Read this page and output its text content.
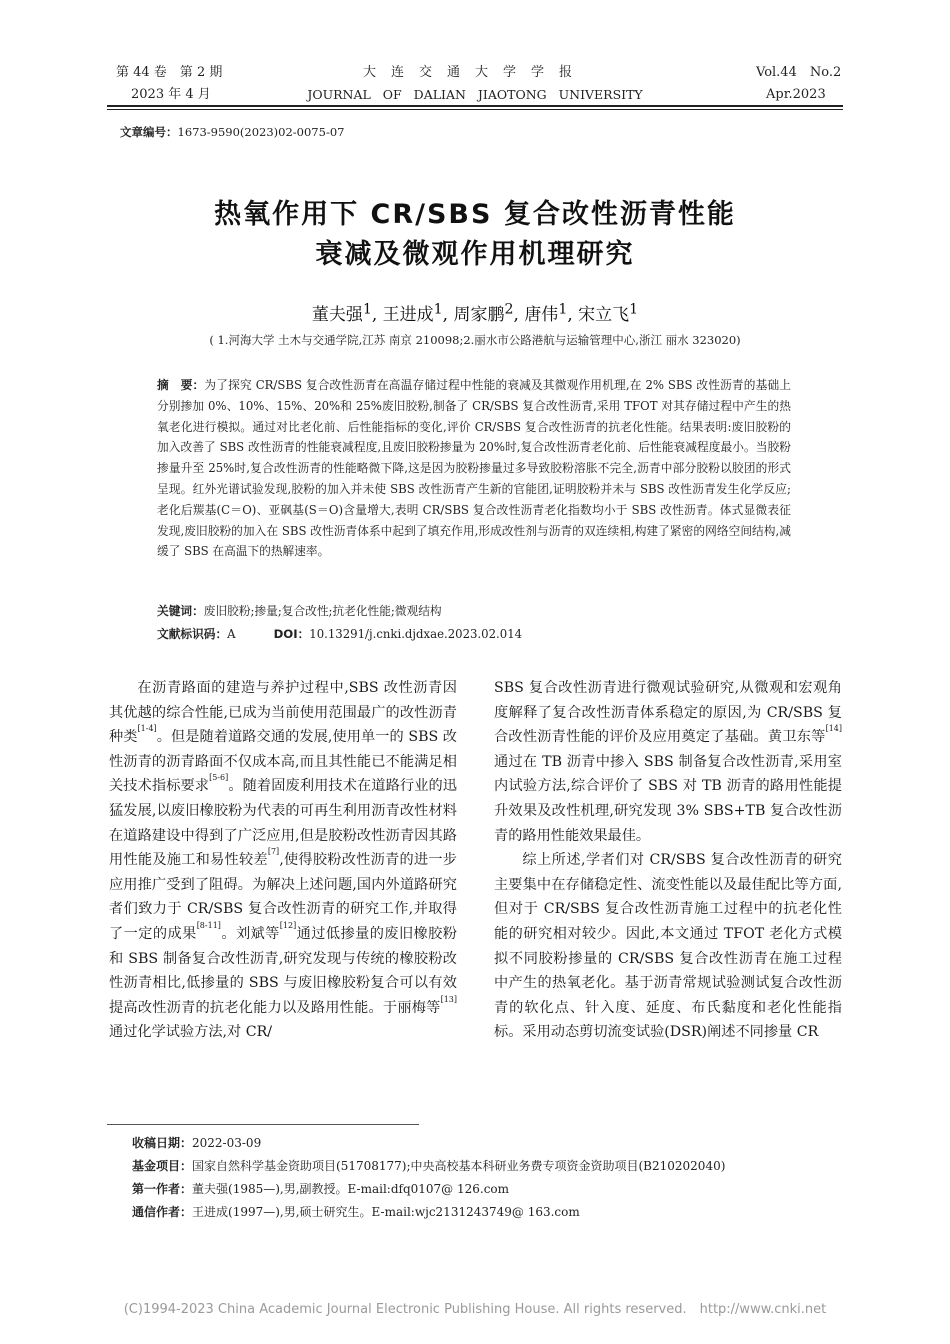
第 44 卷　第 2 期
2023 年 4 月
大连交通大学学报
JOURNAL OF DALIAN JIAOTONG UNIVERSITY
Vol.44　No.2
Apr.2023
文章编号：1673-9590(2023)02-0075-07
热氧作用下 CR/SBS 复合改性沥青性能
衰减及微观作用机理研究
董夫强$^1$, 王进成$^1$, 周家鹏$^2$, 唐伟$^1$, 宋立飞$^1$
( 1.河海大学 土木与交通学院,江苏 南京 210098;2.丽水市公路港航与运输管理中心,浙江 丽水 323020)
摘　要：为了探究 CR/SBS 复合改性沥青在高温存储过程中性能的衰减及其微观作用机理,在 2% SBS 改性沥青的基础上分别掺加 0%、10%、15%、20%和 25%废旧胶粉,制备了 CR/SBS 复合改性沥青,采用 TFOT 对其存储过程中产生的热氧老化进行模拟。通过对比老化前、后性能指标的变化,评价 CR/SBS 复合改性沥青的抗老化性能。结果表明:废旧胶粉的加入改善了 SBS 改性沥青的性能衰减程度,且废旧胶粉掺量为 20%时,复合改性沥青老化前、后性能衰减程度最小。当胶粉掺量升至 25%时,复合改性沥青的性能略微下降,这是因为胶粉掺量过多导致胶粉溶胀不完全,沥青中部分胶粉以胶团的形式呈现。红外光谱试验发现,胶粉的加入并未使 SBS 改性沥青产生新的官能团,证明胶粉并未与 SBS 改性沥青发生化学反应;老化后羰基(C＝O)、亚砜基(S＝O)含量增大,表明 CR/SBS 复合改性沥青老化指数均小于 SBS 改性沥青。体式显微表征发现,废旧胶粉的加入在 SBS 改性沥青体系中起到了填充作用,形成改性剂与沥青的双连续相,构建了紧密的网络空间结构,减缓了 SBS 在高温下的热解速率。
关键词：废旧胶粉;掺量;复合改性;抗老化性能;微观结构
文献标识码：A	DOI：10.13291/j.cnki.djdxae.2023.02.014

在沥青路面的建造与养护过程中,SBS 改性沥青因其优越的综合性能,已成为当前使用范围最广的改性沥青种类[1-4]。但是随着道路交通的发展,使用单一的 SBS 改性沥青的沥青路面不仅成本高,而且其性能已不能满足相关技术指标要求[5-6]。随着固废利用技术在道路行业的迅猛发展,以废旧橡胶粉为代表的可再生利用沥青改性材料在道路建设中得到了广泛应用,但是胶粉改性沥青因其路用性能及施工和易性较差[7],使得胶粉改性沥青的进一步应用推广受到了阻碍。为解决上述问题,国内外道路研究者们致力于 CR/SBS 复合改性沥青的研究工作,并取得了一定的成果[8-11]。刘斌等[12]通过低掺量的废旧橡胶粉和 SBS 制备复合改性沥青,研究发现与传统的橡胶粉改性沥青相比,低掺量的 SBS 与废旧橡胶粉复合可以有效提高改性沥青的抗老化能力以及路用性能。于丽梅等[13]通过化学试验方法,对 CR/

SBS 复合改性沥青进行微观试验研究,从微观和宏观角度解释了复合改性沥青体系稳定的原因,为 CR/SBS 复合改性沥青性能的评价及应用奠定了基础。黄卫东等[14]通过在 TB 沥青中掺入 SBS 制备复合改性沥青,采用室内试验方法,综合评价了 SBS 对 TB 沥青的路用性能提升效果及改性机理,研究发现 3% SBS+TB 复合改性沥青的路用性能效果最佳。

综上所述,学者们对 CR/SBS 复合改性沥青的研究主要集中在存储稳定性、流变性能以及最佳配比等方面,但对于 CR/SBS 复合改性沥青施工过程中的抗老化性能的研究相对较少。因此,本文通过 TFOT 老化方式模拟不同胶粉掺量的 CR/SBS 复合改性沥青在施工过程中产生的热氧老化。基于沥青常规试验测试复合改性沥青的软化点、针入度、延度、布氏黏度和老化性能指标。采用动态剪切流变试验(DSR)阐述不同掺量 CR

收稿日期：2022-03-09
基金项目：国家自然科学基金资助项目(51708177);中央高校基本科研业务费专项资金资助项目(B210202040)
第一作者：董夫强(1985—),男,副教授。E-mail:dfq0107@ 126.com
通信作者：王进成(1997—),男,硕士研究生。E-mail:wjc2131243749@ 163.com
(C)1994-2023 China Academic Journal Electronic Publishing House. All rights reserved.　http://www.cnki.net
